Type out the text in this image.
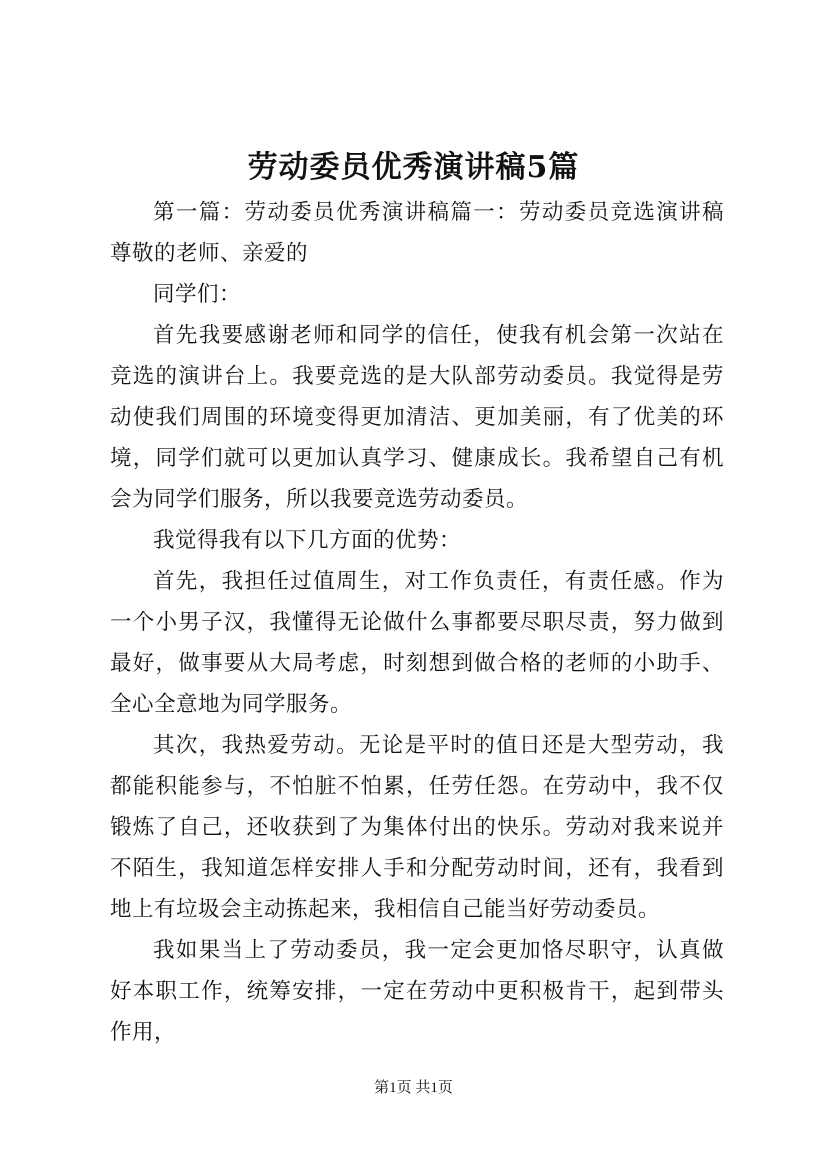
劳动委员优秀演讲稿5篇

第一篇：劳动委员优秀演讲稿篇一：劳动委员竞选演讲稿尊敬的老师、亲爱的

同学们：

首先我要感谢老师和同学的信任，使我有机会第一次站在竞选的演讲台上。我要竞选的是大队部劳动委员。我觉得是劳动使我们周围的环境变得更加清洁、更加美丽，有了优美的环境，同学们就可以更加认真学习、健康成长。我希望自己有机会为同学们服务，所以我要竞选劳动委员。

我觉得我有以下几方面的优势：

首先，我担任过值周生，对工作负责任，有责任感。作为一个小男子汉，我懂得无论做什么事都要尽职尽责，努力做到最好，做事要从大局考虑，时刻想到做合格的老师的小助手、全心全意地为同学服务。

其次，我热爱劳动。无论是平时的值日还是大型劳动，我都能积能参与，不怕脏不怕累，任劳任怨。在劳动中，我不仅锻炼了自己，还收获到了为集体付出的快乐。劳动对我来说并不陌生，我知道怎样安排人手和分配劳动时间，还有，我看到地上有垃圾会主动拣起来，我相信自己能当好劳动委员。

我如果当上了劳动委员，我一定会更加恪尽职守，认真做好本职工作，统筹安排，一定在劳动中更积极肯干，起到带头作用，

第1页 共1页
